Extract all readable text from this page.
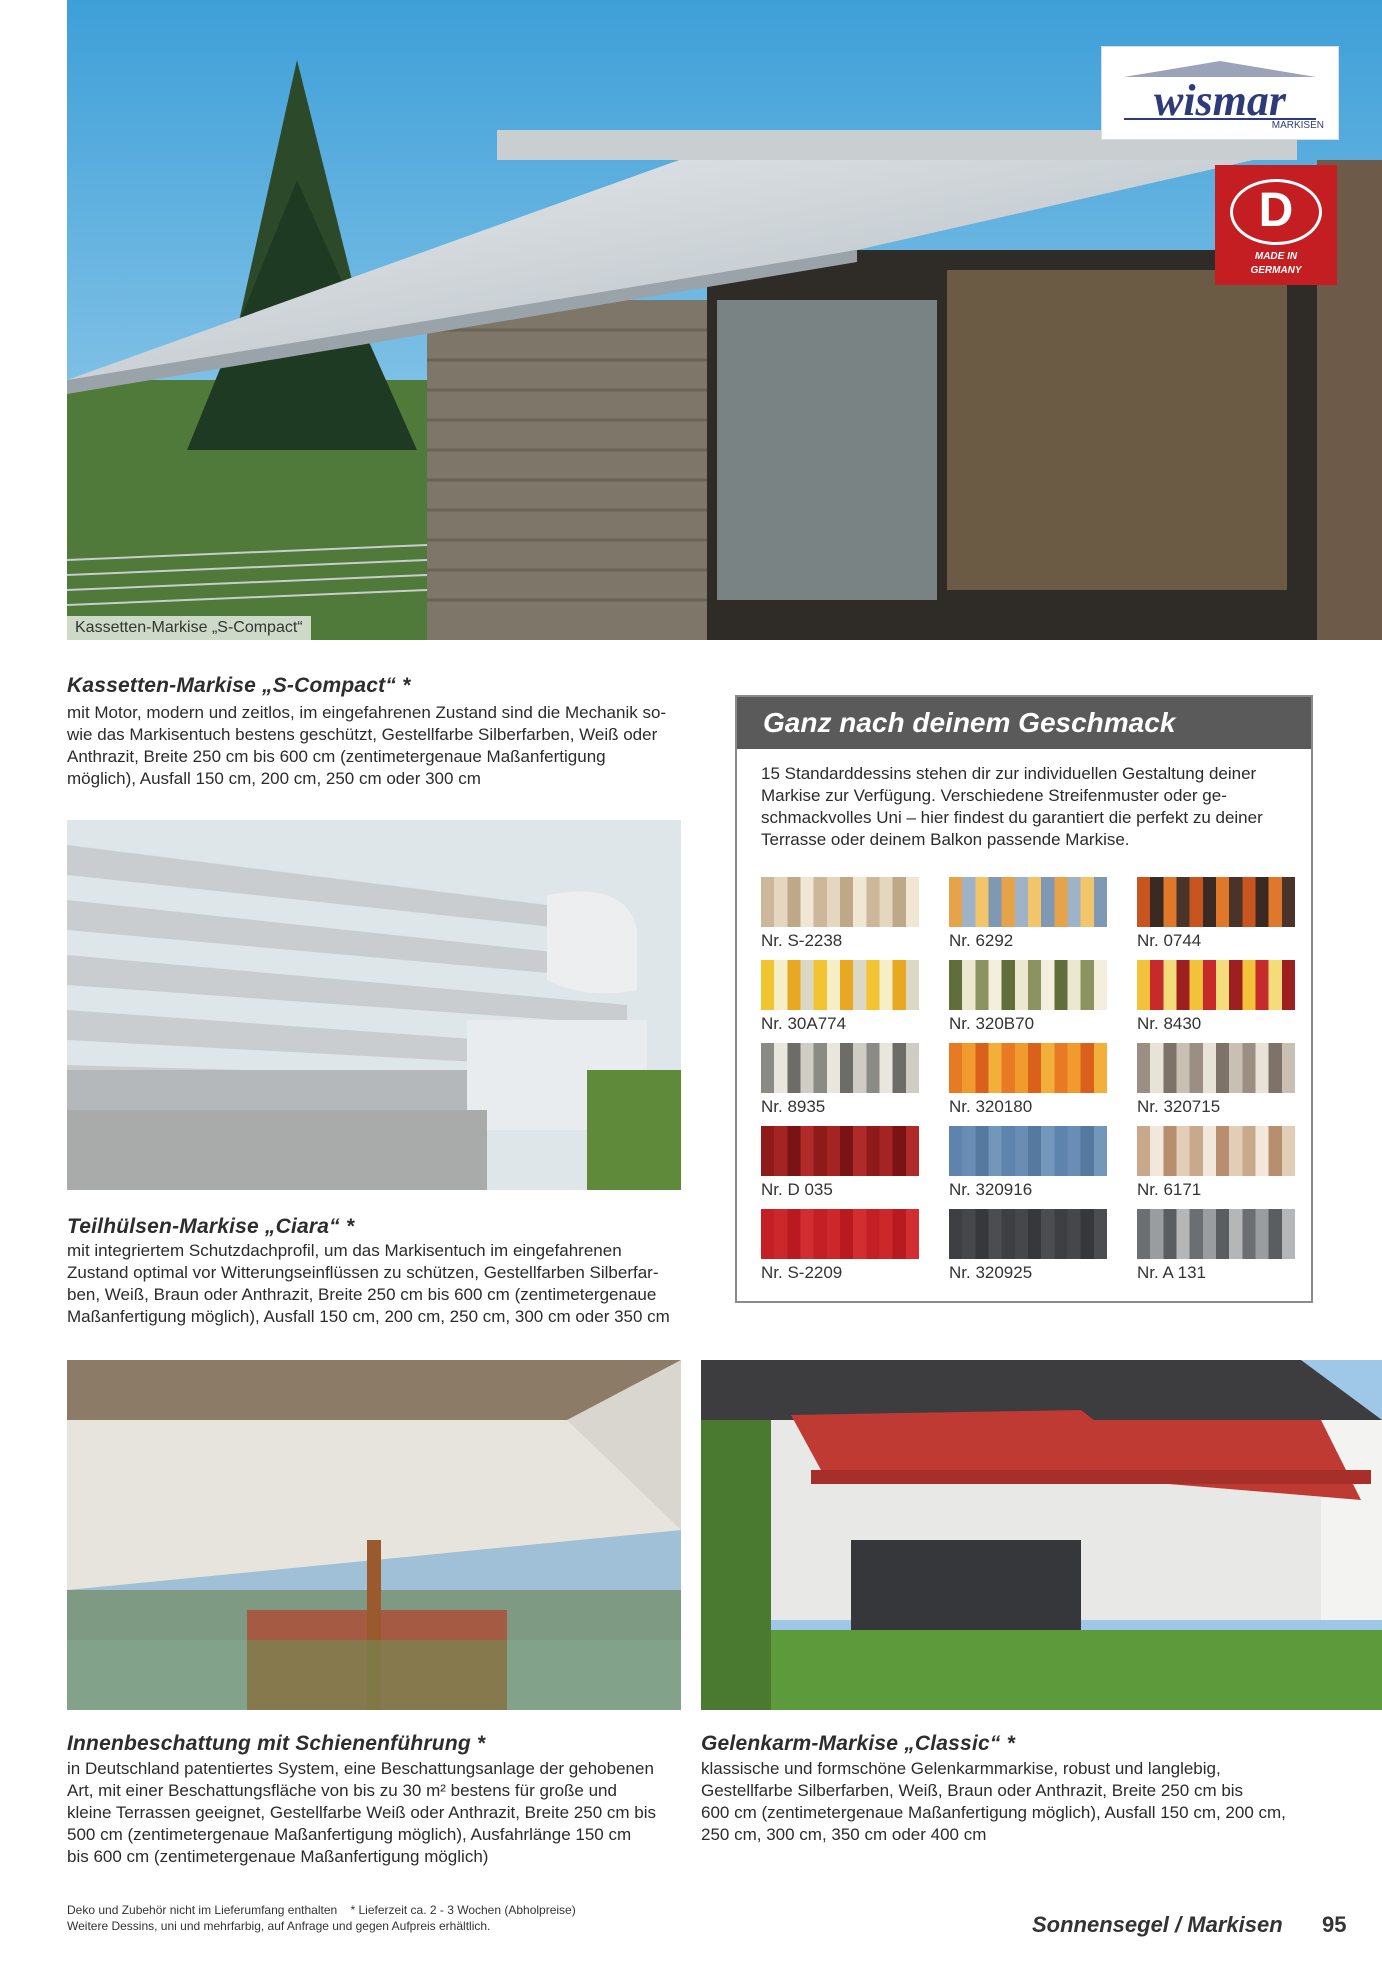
Kassetten-Markise „S-Compact“
wismar
MARKISEN
D
MADE IN
GERMANY
Kassetten-Markise „S-Compact“ *

mit Motor, modern und zeitlos, im eingefahrenen Zustand sind die Mechanik so-
wie das Markisentuch bestens geschützt, Gestellfarbe Silberfarben, Weiß oder
Anthrazit, Breite 250 cm bis 600 cm (zentimetergenaue Maßanfertigung
möglich), Ausfall 150 cm, 200 cm, 250 cm oder 300 cm

Teilhülsen-Markise „Ciara“ *

mit integriertem Schutzdachprofil, um das Markisentuch im eingefahrenen
Zustand optimal vor Witterungseinflüssen zu schützen, Gestellfarben Silberfar-
ben, Weiß, Braun oder Anthrazit, Breite 250 cm bis 600 cm (zentimetergenaue
Maßanfertigung möglich), Ausfall 150 cm, 200 cm, 250 cm, 300 cm oder 350 cm

Innenbeschattung mit Schienenführung *

in Deutschland patentiertes System, eine Beschattungsanlage der gehobenen
Art, mit einer Beschattungsfläche von bis zu 30 m² bestens für große und
kleine Terrassen geeignet, Gestellfarbe Weiß oder Anthrazit, Breite 250 cm bis
500 cm (zentimetergenaue Maßanfertigung möglich), Ausfahrlänge 150 cm
bis 600 cm (zentimetergenaue Maßanfertigung möglich)

Gelenkarm-Markise „Classic“ *

klassische und formschöne Gelenkarmmarkise, robust und langlebig,
Gestellfarbe Silberfarben, Weiß, Braun oder Anthrazit, Breite 250 cm bis
600 cm (zentimetergenaue Maßanfertigung möglich), Ausfall 150 cm, 200 cm,
250 cm, 300 cm, 350 cm oder 400 cm

Ganz nach deinem Geschmack

15 Standarddessins stehen dir zur individuellen Gestaltung deiner
Markise zur Verfügung. Verschiedene Streifenmuster oder ge-
schmackvolles Uni – hier findest du garantiert die perfekt zu deiner
Terrasse oder deinem Balkon passende Markise.

Nr. S-2238	Nr. 6292	Nr. 0744
Nr. 30A774	Nr. 320B70	Nr. 8430
Nr. 8935	Nr. 320180	Nr. 320715
Nr. D 035	Nr. 320916	Nr. 6171
Nr. S-2209	Nr. 320925	Nr. A 131
Deko und Zubehör nicht im Lieferumfang enthalten    * Lieferzeit ca. 2 - 3 Wochen (Abholpreise)
Weitere Dessins, uni und mehrfarbig, auf Anfrage und gegen Aufpreis erhältlich.	Sonnensegel / Markisen 95
